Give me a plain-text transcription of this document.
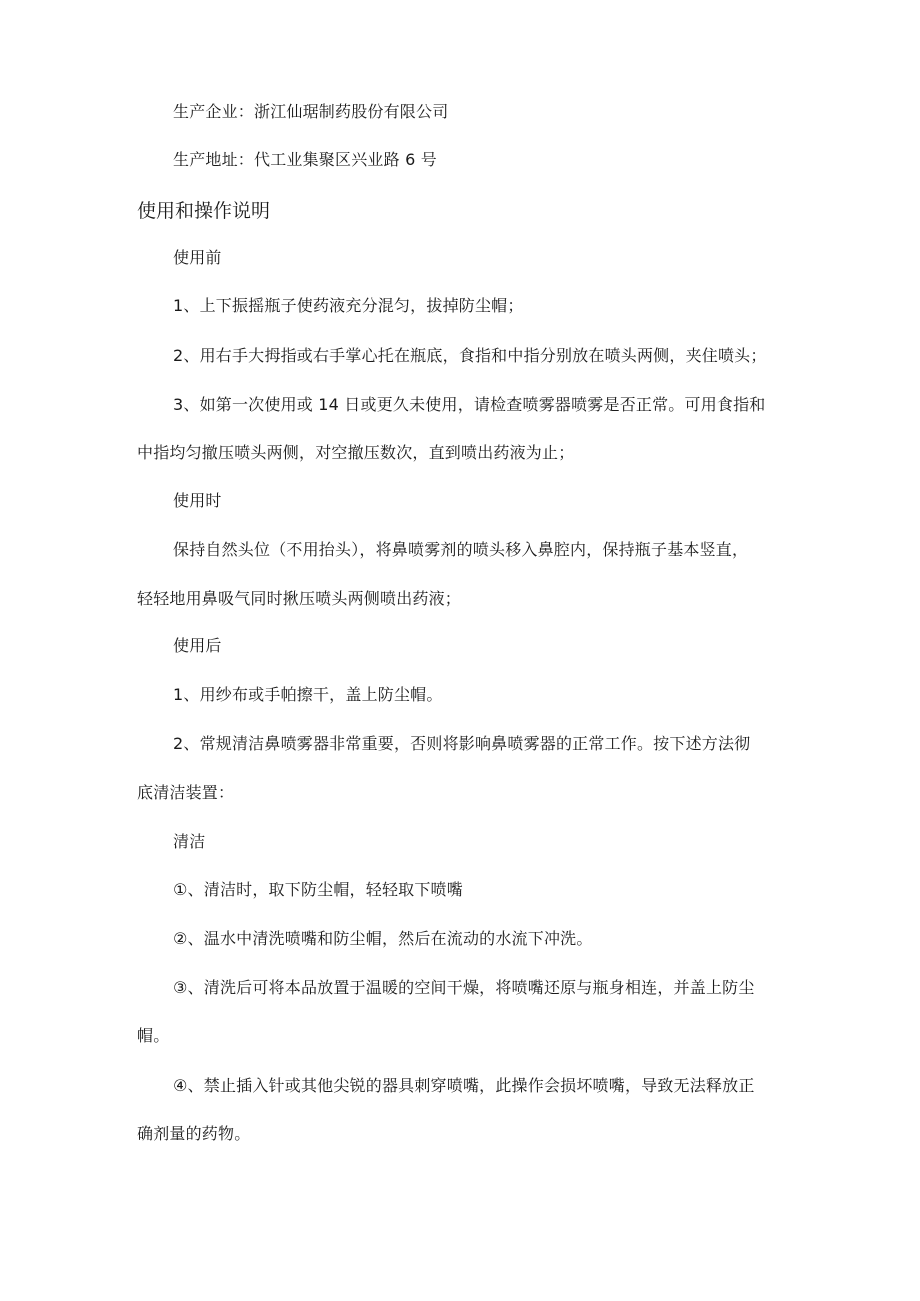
生产企业：浙江仙琚制药股份有限公司
生产地址：代工业集聚区兴业路 6 号
使用和操作说明
使用前
1、上下振摇瓶子使药液充分混匀，拔掉防尘帽；
2、用右手大拇指或右手掌心托在瓶底，食指和中指分别放在喷头两侧，夹住喷头；
3、如第一次使用或 14 日或更久未使用，请检查喷雾器喷雾是否正常。可用食指和
中指均匀撤压喷头两侧，对空撤压数次，直到喷出药液为止；
使用时
保持自然头位（不用抬头），将鼻喷雾剂的喷头移入鼻腔内，保持瓶子基本竖直，
轻轻地用鼻吸气同时揪压喷头两侧喷出药液；
使用后
1、用纱布或手帕擦干，盖上防尘帽。
2、常规清洁鼻喷雾器非常重要，否则将影响鼻喷雾器的正常工作。按下述方法彻
底清洁装置：
清洁
①、清洁时，取下防尘帽，轻轻取下喷嘴
②、温水中清洗喷嘴和防尘帽，然后在流动的水流下冲洗。
③、清洗后可将本品放置于温暖的空间干燥，将喷嘴还原与瓶身相连，并盖上防尘
帽。
④、禁止插入针或其他尖锐的器具刺穿喷嘴，此操作会损坏喷嘴，导致无法释放正
确剂量的药物。
